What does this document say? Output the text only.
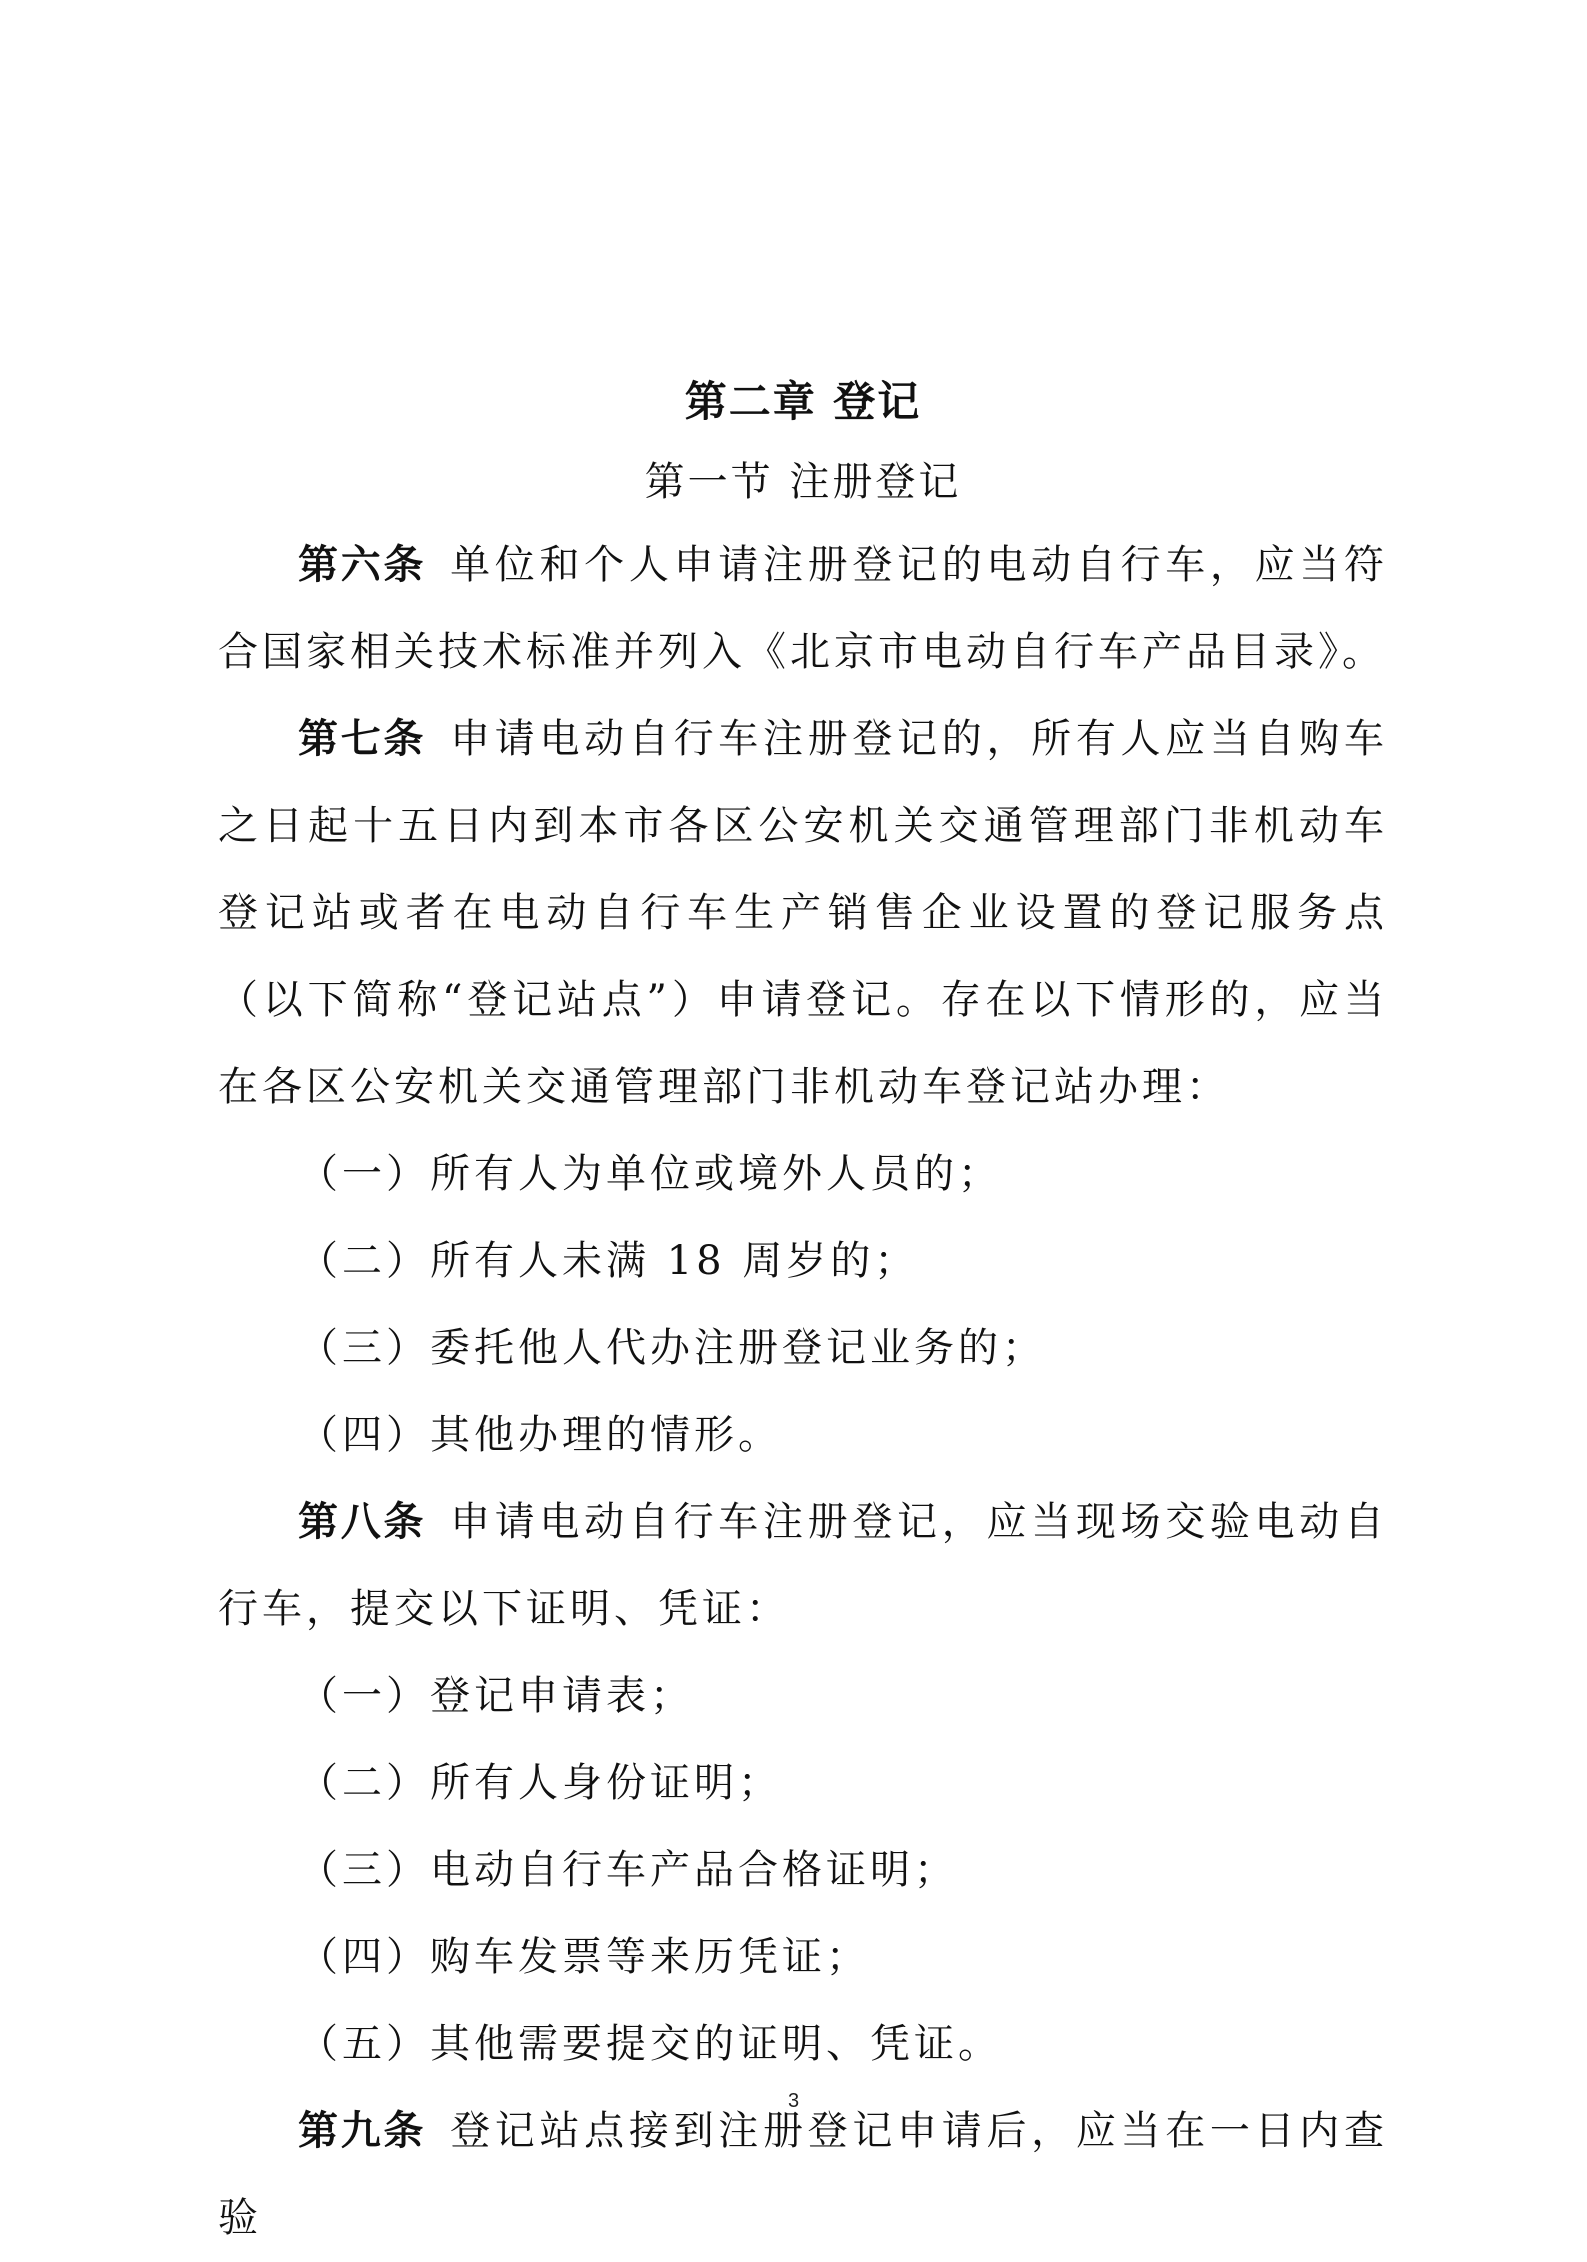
第二章 登记
第一节 注册登记

第六条 单位和个人申请注册登记的电动自行车，应当符合国家相关技术标准并列入《北京市电动自行车产品目录》。

第七条 申请电动自行车注册登记的，所有人应当自购车之日起十五日内到本市各区公安机关交通管理部门非机动车登记站或者在电动自行车生产销售企业设置的登记服务点（以下简称“登记站点”）申请登记。存在以下情形的，应当在各区公安机关交通管理部门非机动车登记站办理：

（一）所有人为单位或境外人员的；

（二）所有人未满 18 周岁的；

（三）委托他人代办注册登记业务的；

（四）其他办理的情形。

第八条 申请电动自行车注册登记，应当现场交验电动自行车，提交以下证明、凭证：

（一）登记申请表；

（二）所有人身份证明；

（三）电动自行车产品合格证明；

（四）购车发票等来历凭证；

（五）其他需要提交的证明、凭证。

第九条 登记站点接到注册登记申请后，应当在一日内查验

3
